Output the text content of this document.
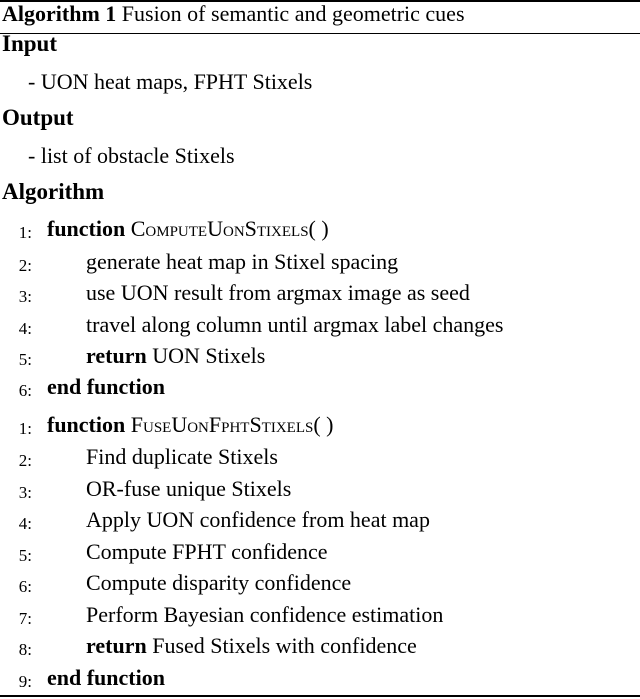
Algorithm 1 Fusion of semantic and geometric cues
Input
- UON heat maps, FPHT Stixels
Output
- list of obstacle Stixels
Algorithm
1: function ComputeUonStixels( )
2: generate heat map in Stixel spacing
3: use UON result from argmax image as seed
4: travel along column until argmax label changes
5: return UON Stixels
6: end function
1: function FuseUonFphtStixels( )
2: Find duplicate Stixels
3: OR-fuse unique Stixels
4: Apply UON confidence from heat map
5: Compute FPHT confidence
6: Compute disparity confidence
7: Perform Bayesian confidence estimation
8: return Fused Stixels with confidence
9: end function
